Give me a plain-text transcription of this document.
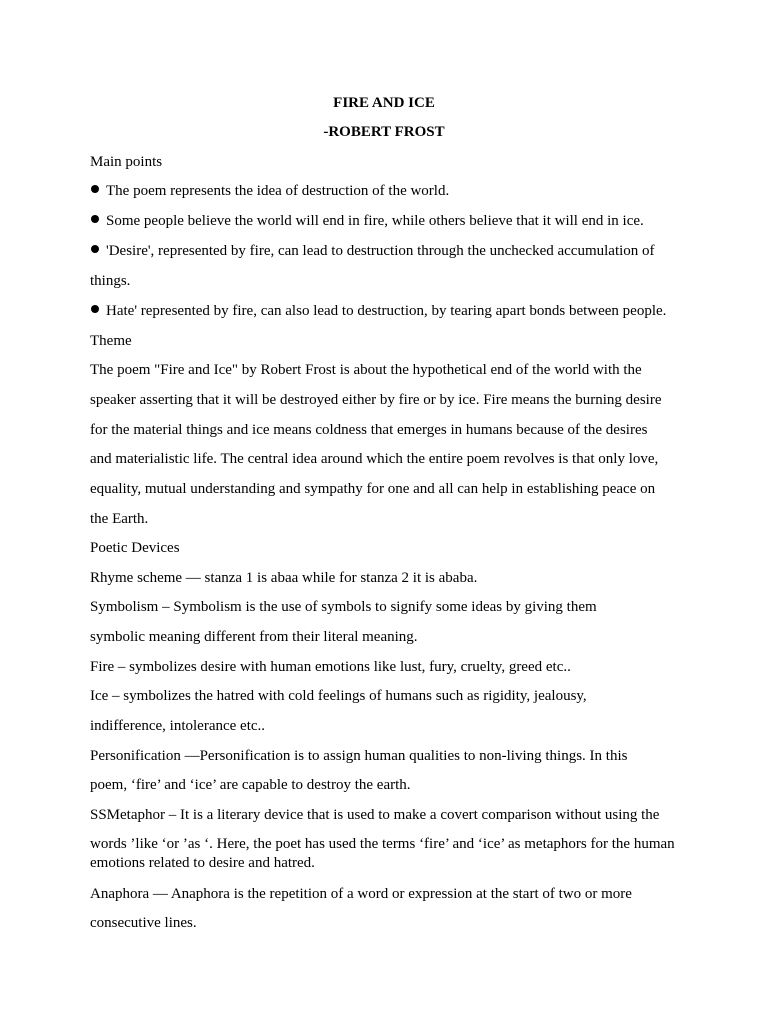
FIRE AND ICE
-ROBERT FROST
Main points
The poem represents the idea of destruction of the world.
Some people believe the world will end in fire, while others believe that it will end in ice.
'Desire', represented by fire, can lead to destruction through the unchecked accumulation of
things.
Hate' represented by fire, can also lead to destruction, by tearing apart bonds between people.
Theme
The poem "Fire and Ice" by Robert Frost is about the hypothetical end of the world with the
speaker asserting that it will be destroyed either by fire or by ice. Fire means the burning desire
for the material things and ice means coldness that emerges in humans because of the desires
and materialistic life. The central idea around which the entire poem revolves is that only love,
equality, mutual understanding and sympathy for one and all can help in establishing peace on
the Earth.
Poetic Devices
Rhyme scheme — stanza 1 is abaa while for stanza 2 it is ababa.
Symbolism – Symbolism is the use of symbols to signify some ideas by giving them
symbolic meaning different from their literal meaning.
Fire – symbolizes desire with human emotions like lust, fury, cruelty, greed etc..
Ice – symbolizes the hatred with cold feelings of humans such as rigidity, jealousy,
indifference, intolerance etc..
Personification —Personification is to assign human qualities to non-living things. In this
poem, ‘fire’ and ‘ice’ are capable to destroy the earth.
SSMetaphor – It is a literary device that is used to make a covert comparison without using the
words ’like ‘or ’as ‘. Here, the poet has used the terms ‘fire’ and ‘ice’ as metaphors for the human emotions related to desire and hatred.
Anaphora — Anaphora is the repetition of a word or expression at the start of two or more
consecutive lines.
